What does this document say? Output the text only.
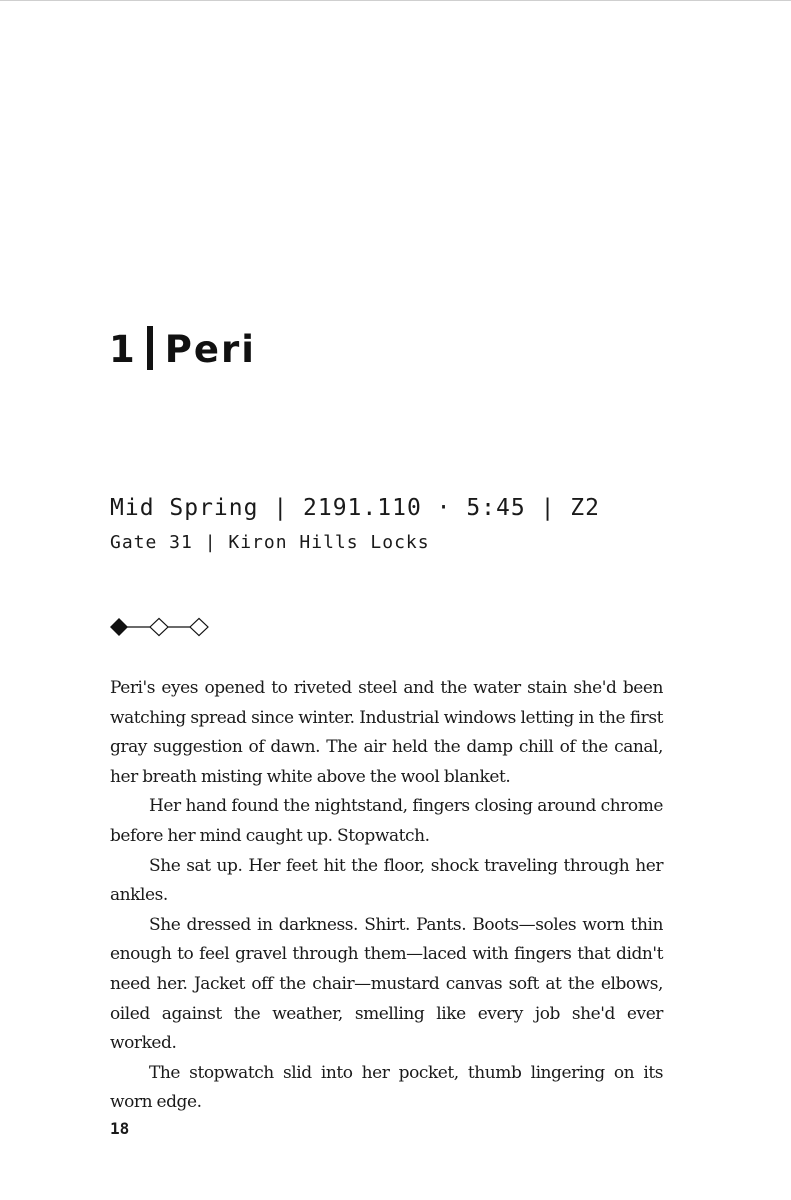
1 Peri
Mid Spring | 2191.110 · 5:45 | Z2
Gate 31 | Kiron Hills Locks

Peri's eyes opened to riveted steel and the water stain she'd been watching spread since winter. Industrial windows letting in the first gray suggestion of dawn. The air held the damp chill of the canal, her breath misting white above the wool blanket.

Her hand found the nightstand, fingers closing around chrome before her mind caught up. Stopwatch.

She sat up. Her feet hit the floor, shock traveling through her ankles.

She dressed in darkness. Shirt. Pants. Boots—soles worn thin enough to feel gravel through them—laced with fingers that didn't need her. Jacket off the chair—mustard canvas soft at the elbows, oiled against the weather, smelling like every job she'd ever worked.

The stopwatch slid into her pocket, thumb lingering on its worn edge.

18
